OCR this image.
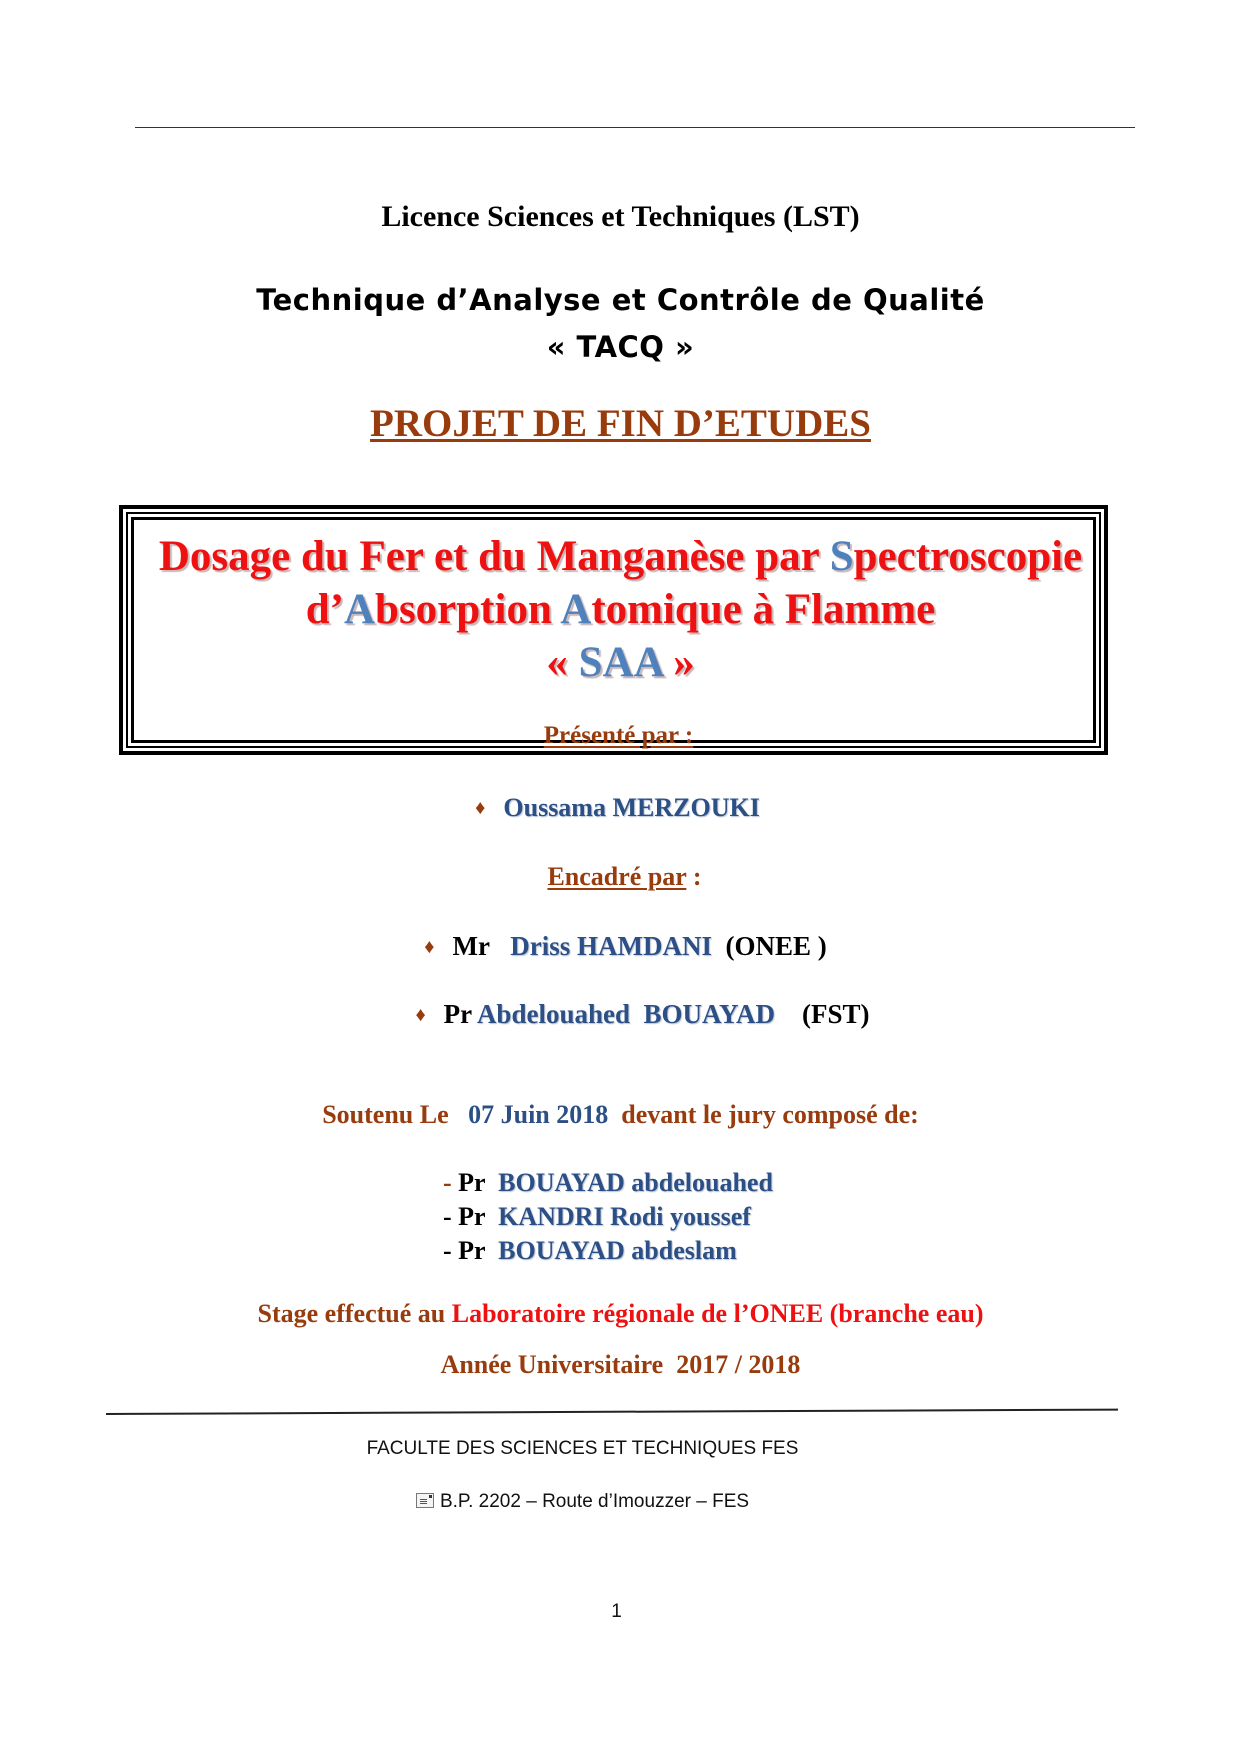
Licence Sciences et Techniques (LST)
Technique d’Analyse et Contrôle de Qualité
« TACQ »
PROJET DE FIN D’ETUDES
Dosage du Fer et du Manganèse par Spectroscopie
d’Absorption Atomique à Flamme
« SAA »
Présenté par :
♦ Oussama MERZOUKI
Encadré par :
♦ Mr Driss HAMDANI (ONEE )
♦ Pr Abdelouahed  BOUAYAD (FST)
Soutenu Le 07 Juin 2018 devant le jury composé de:
- Pr BOUAYAD abdelouahed
- Pr KANDRI Rodi youssef
- Pr BOUAYAD abdeslam
Stage effectué au Laboratoire régionale de l’ONEE (branche eau)
Année Universitaire  2017 / 2018
FACULTE DES SCIENCES ET TECHNIQUES FES
B.P. 2202 – Route d’Imouzzer – FES
1
